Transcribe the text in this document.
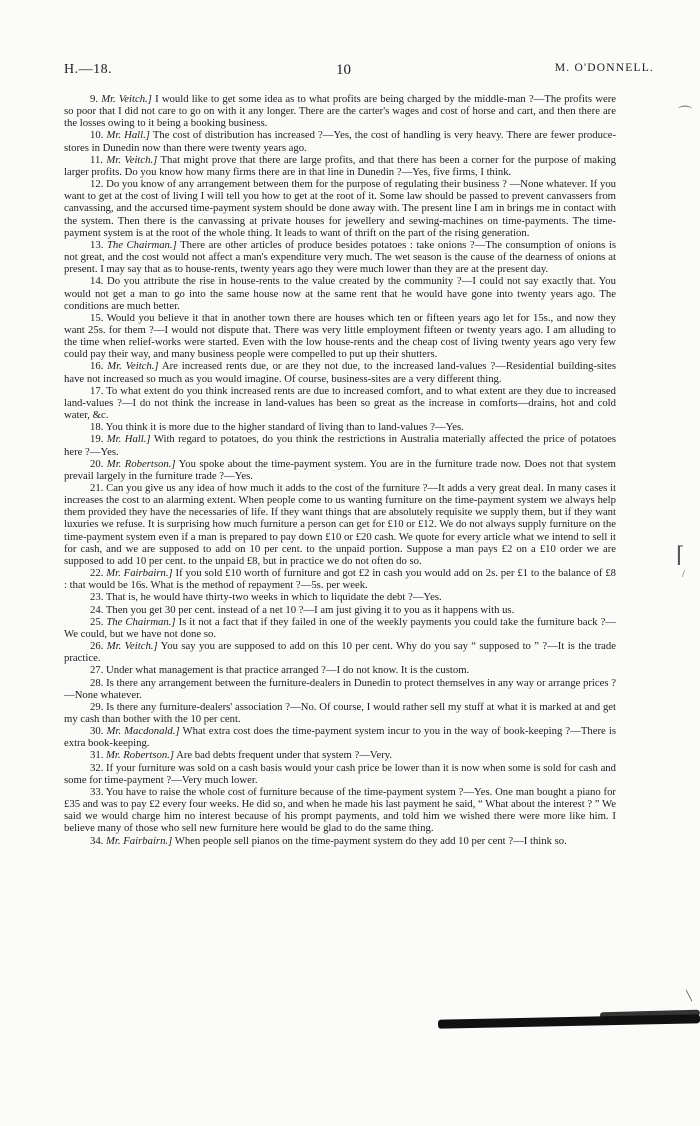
H.—18.	10	M. O'DONNELL.

9. Mr. Veitch.] I would like to get some idea as to what profits are being charged by the middle-man ?—The profits were so poor that I did not care to go on with it any longer. There are the carter's wages and cost of horse and cart, and then there are the losses owing to it being a booking business.

10. Mr. Hall.] The cost of distribution has increased ?—Yes, the cost of handling is very heavy. There are fewer produce-stores in Dunedin now than there were twenty years ago.

11. Mr. Veitch.] That might prove that there are large profits, and that there has been a corner for the purpose of making larger profits. Do you know how many firms there are in that line in Dunedin ?—Yes, five firms, I think.

12. Do you know of any arrangement between them for the purpose of regulating their business ? —None whatever. If you want to get at the cost of living I will tell you how to get at the root of it. Some law should be passed to prevent canvassers from canvassing, and the accursed time-payment system should be done away with. The present line I am in brings me in contact with the system. Then there is the canvassing at private houses for jewellery and sewing-machines on time-payments. The time-payment system is at the root of the whole thing. It leads to want of thrift on the part of the rising generation.

13. The Chairman.] There are other articles of produce besides potatoes : take onions ?—The consumption of onions is not great, and the cost would not affect a man's expenditure very much. The wet season is the cause of the dearness of onions at present. I may say that as to house-rents, twenty years ago they were much lower than they are at the present day.

14. Do you attribute the rise in house-rents to the value created by the community ?—I could not say exactly that. You would not get a man to go into the same house now at the same rent that he would have gone into twenty years ago. The conditions are much better.

15. Would you believe it that in another town there are houses which ten or fifteen years ago let for 15s., and now they want 25s. for them ?—I would not dispute that. There was very little employment fifteen or twenty years ago. I am alluding to the time when relief-works were started. Even with the low house-rents and the cheap cost of living twenty years ago very few could pay their way, and many business people were compelled to put up their shutters.

16. Mr. Veitch.] Are increased rents due, or are they not due, to the increased land-values ?—Residential building-sites have not increased so much as you would imagine. Of course, business-sites are a very different thing.

17. To what extent do you think increased rents are due to increased comfort, and to what extent are they due to increased land-values ?—I do not think the increase in land-values has been so great as the increase in comforts—drains, hot and cold water, &c.

18. You think it is more due to the higher standard of living than to land-values ?—Yes.

19. Mr. Hall.] With regard to potatoes, do you think the restrictions in Australia materially affected the price of potatoes here ?—Yes.

20. Mr. Robertson.] You spoke about the time-payment system. You are in the furniture trade now. Does not that system prevail largely in the furniture trade ?—Yes.

21. Can you give us any idea of how much it adds to the cost of the furniture ?—It adds a very great deal. In many cases it increases the cost to an alarming extent. When people come to us wanting furniture on the time-payment system we always help them provided they have the necessaries of life. If they want things that are absolutely requisite we supply them, but if they want luxuries we refuse. It is surprising how much furniture a person can get for £10 or £12. We do not always supply furniture on the time-payment system even if a man is prepared to pay down £10 or £20 cash. We quote for every article what we intend to sell it for cash, and we are supposed to add on 10 per cent. to the unpaid portion. Suppose a man pays £2 on a £10 order we are supposed to add 10 per cent. to the unpaid £8, but in practice we do not often do so.

22. Mr. Fairbairn.] If you sold £10 worth of furniture and got £2 in cash you would add on 2s. per £1 to the balance of £8 : that would be 16s. What is the method of repayment ?—5s. per week.

23. That is, he would have thirty-two weeks in which to liquidate the debt ?—Yes.

24. Then you get 30 per cent. instead of a net 10 ?—I am just giving it to you as it happens with us.

25. The Chairman.] Is it not a fact that if they failed in one of the weekly payments you could take the furniture back ?—We could, but we have not done so.

26. Mr. Veitch.] You say you are supposed to add on this 10 per cent. Why do you say “ supposed to ” ?—It is the trade practice.

27. Under what management is that practice arranged ?—I do not know. It is the custom.

28. Is there any arrangement between the furniture-dealers in Dunedin to protect themselves in any way or arrange prices ?—None whatever.

29. Is there any furniture-dealers' association ?—No. Of course, I would rather sell my stuff at what it is marked at and get my cash than bother with the 10 per cent.

30. Mr. Macdonald.] What extra cost does the time-payment system incur to you in the way of book-keeping ?—There is extra book-keeping.

31. Mr. Robertson.] Are bad debts frequent under that system ?—Very.

32. If your furniture was sold on a cash basis would your cash price be lower than it is now when some is sold for cash and some for time-payment ?—Very much lower.

33. You have to raise the whole cost of furniture because of the time-payment system ?—Yes. One man bought a piano for £35 and was to pay £2 every four weeks. He did so, and when he made his last payment he said, “ What about the interest ? ” We said we would charge him no interest because of his prompt payments, and told him we wished there were more like him. I believe many of those who sell new furniture here would be glad to do the same thing.

34. Mr. Fairbairn.] When people sell pianos on the time-payment system do they add 10 per cent ?—I think so.

⌒
⌈
/
╲
